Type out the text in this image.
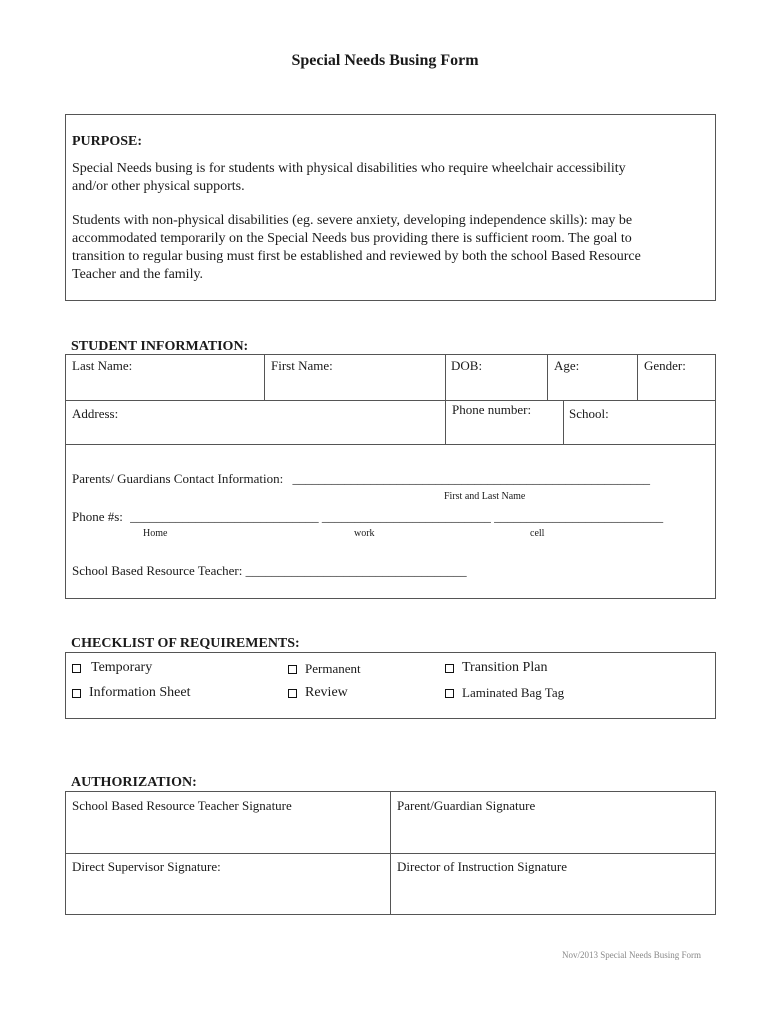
Special Needs Busing Form
PURPOSE:
Special Needs busing is for students with physical disabilities who require wheelchair accessibility
and/or other physical supports.
Students with non-physical disabilities (eg. severe anxiety, developing independence skills): may be
accommodated temporarily on the Special Needs bus providing there is sufficient room. The goal to
transition to regular busing must first be established and reviewed by both the school Based Resource
Teacher and the family.
STUDENT INFORMATION:
Last Name:	First Name:	DOB:	Age:	Gender:
Address:	Phone number:	School:
Parents/ Guardians Contact Information: _______________________________________________________
First and Last Name
Phone #s: _____________________________ __________________________ __________________________
Home	work	cell
School Based Resource Teacher: __________________________________
CHECKLIST OF REQUIREMENTS:
Temporary	Permanent	Transition Plan
Information Sheet	Review	Laminated Bag Tag
AUTHORIZATION:
School Based Resource Teacher Signature	Parent/Guardian Signature
Direct Supervisor Signature:	Director of Instruction Signature
Nov/2013 Special Needs Busing Form
